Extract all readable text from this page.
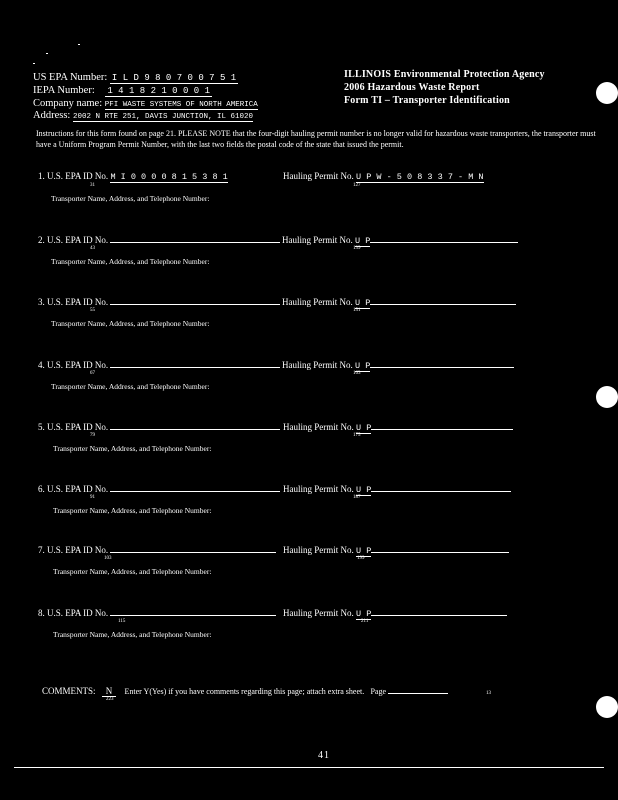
US EPA Number: I L D 9 8 0 7 0 0 7 5 1
IEPA Number: 1 4 1 8 2 1 0 0 0 1
Company name: PFI WASTE SYSTEMS OF NORTH AMERICA
Address: 2002 N RTE 251, DAVIS JUNCTION, IL 61020
ILLINOIS Environmental Protection Agency
2006 Hazardous Waste Report
Form TI – Transporter Identification
Instructions for this form found on page 21. PLEASE NOTE that the four-digit hauling permit number is no longer valid for hazardous waste transporters, the transporter must have a Uniform Program Permit Number, with the last two fields the postal code of the state that issued the permit.
1. U.S. EPA ID No. M I 0 0 0 0 8 1 5 3 8 1
31
Hauling Permit No. U P W - 5 0 8 3 3 7 - M N
127
Transporter Name, Address, and Telephone Number:
2. U.S. EPA ID No.
43
Hauling Permit No. U P
139
Transporter Name, Address, and Telephone Number:
3. U.S. EPA ID No.
55
Hauling Permit No. U P
151
Transporter Name, Address, and Telephone Number:
4. U.S. EPA ID No.
67
Hauling Permit No. U P
163
Transporter Name, Address, and Telephone Number:
5. U.S. EPA ID No.
79
Hauling Permit No. U P
175
Transporter Name, Address, and Telephone Number:
6. U.S. EPA ID No.
91
Hauling Permit No. U P
187
Transporter Name, Address, and Telephone Number:
7. U.S. EPA ID No.
103
Hauling Permit No. U P
199
Transporter Name, Address, and Telephone Number:
8. U.S. EPA ID No.
115
Hauling Permit No. U P
211
Transporter Name, Address, and Telephone Number:
COMMENTS: N Enter Y(Yes) if you have comments regarding this page; attach extra sheet. Page
223
13
41
